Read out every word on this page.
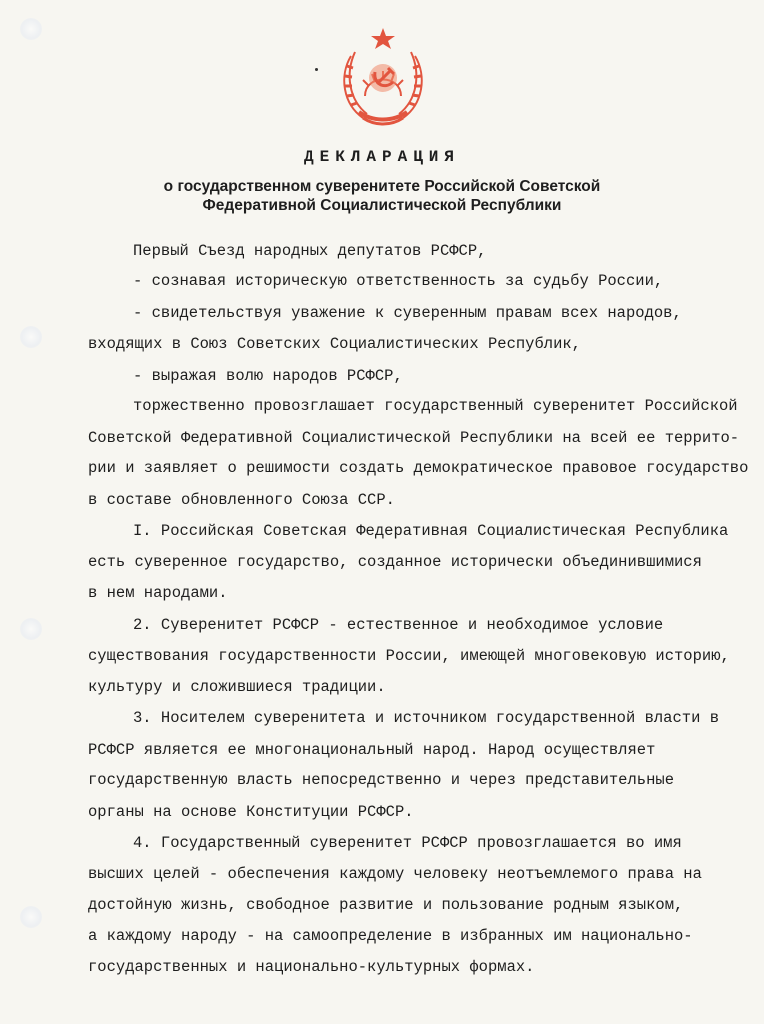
ДЕКЛАРАЦИЯ
о государственном суверенитете Российской Советской
Федеративной Социалистической Республики
Первый Съезд народных депутатов РСФСР,
- сознавая историческую ответственность за судьбу России,
- свидетельствуя уважение к суверенным правам всех народов,
входящих в Союз Советских Социалистических Республик,
- выражая волю народов РСФСР,
торжественно провозглашает государственный суверенитет Российской
Советской Федеративной Социалистической Республики на всей ее террито-
рии и заявляет о решимости создать демократическое правовое государство
в составе обновленного Союза ССР.
I. Российская Советская Федеративная Социалистическая Республика
есть суверенное государство, созданное исторически объединившимися
в нем народами.
2. Суверенитет РСФСР - естественное и необходимое условие
существования государственности России, имеющей многовековую историю,
культуру и сложившиеся традиции.
3. Носителем суверенитета и источником государственной власти в
РСФСР является ее многонациональный народ. Народ осуществляет
государственную власть непосредственно и через представительные
органы на основе Конституции РСФСР.
4. Государственный суверенитет РСФСР провозглашается во имя
высших целей - обеспечения каждому человеку неотъемлемого права на
достойную жизнь, свободное развитие и пользование родным языком,
а каждому народу - на самоопределение в избранных им национально-
государственных и национально-культурных формах.
